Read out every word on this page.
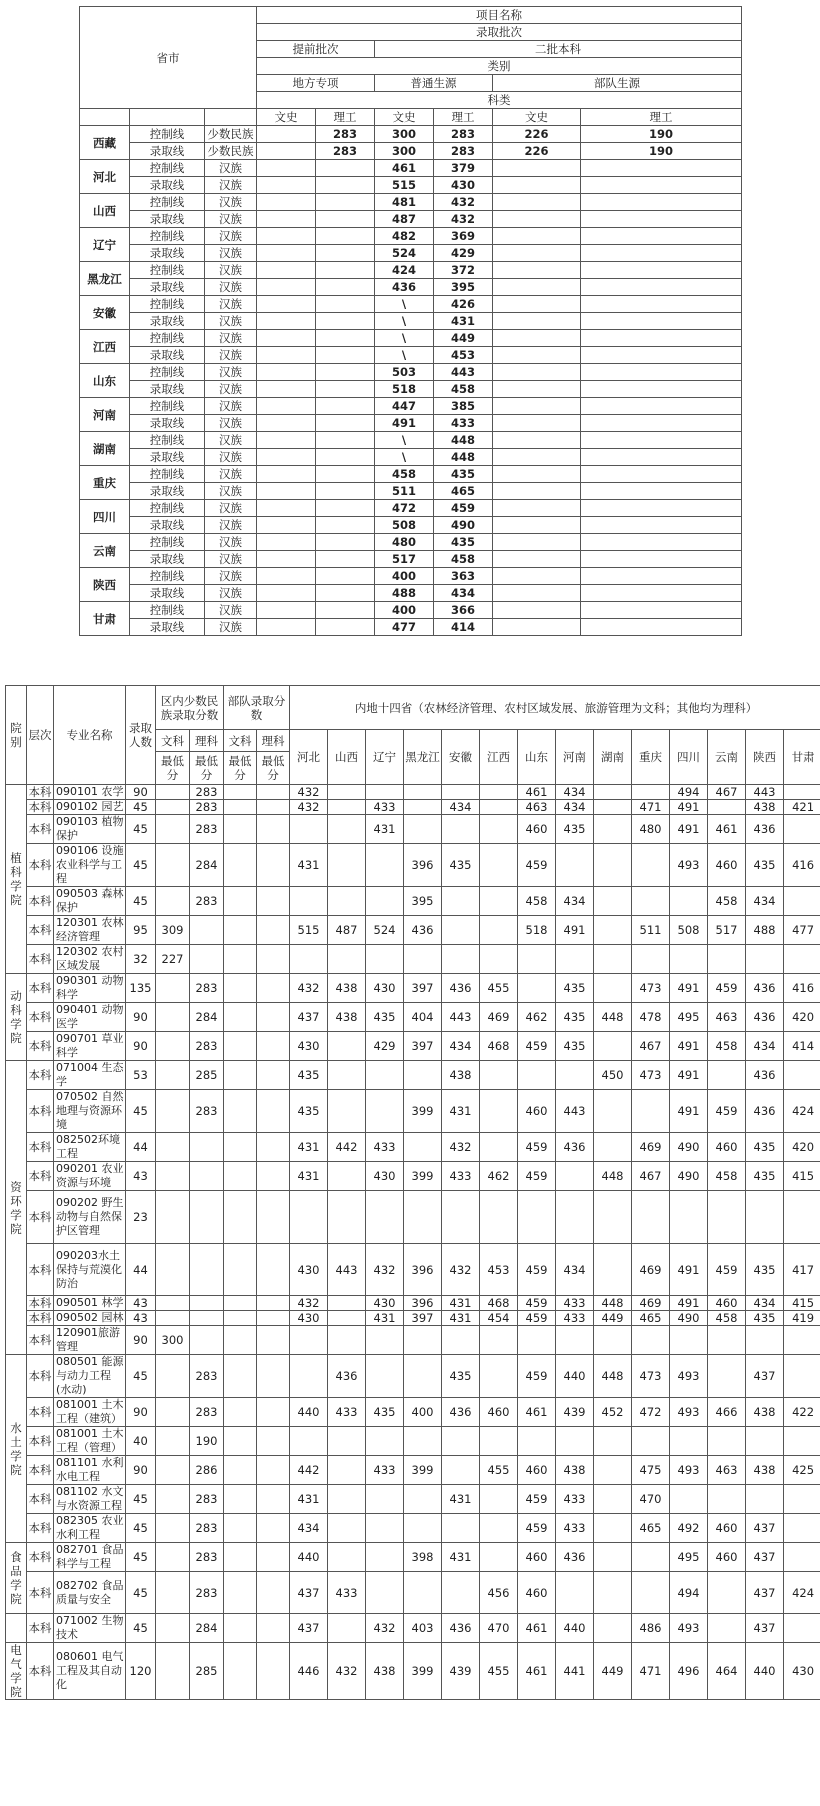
省市			项目名称					
			录取批次					
			提前批次		二批本科			
			类别					
			地方专项		普通生源		部队生源	
			科类					
			文史	理工	文史	理工	文史	理工
西藏	控制线	少数民族		283	300	283	226	190
	录取线	少数民族		283	300	283	226	190
河北	控制线	汉族			461	379		
	录取线	汉族			515	430		
山西	控制线	汉族			481	432		
	录取线	汉族			487	432		
辽宁	控制线	汉族			482	369		
	录取线	汉族			524	429		
黑龙江	控制线	汉族			424	372		
	录取线	汉族			436	395		
安徽	控制线	汉族			\	426		
	录取线	汉族			\	431		
江西	控制线	汉族			\	449		
	录取线	汉族			\	453		
山东	控制线	汉族			503	443		
	录取线	汉族			518	458		
河南	控制线	汉族			447	385		
	录取线	汉族			491	433		
湖南	控制线	汉族			\	448		
	录取线	汉族			\	448		
重庆	控制线	汉族			458	435		
	录取线	汉族			511	465		
四川	控制线	汉族			472	459		
	录取线	汉族			508	490		
云南	控制线	汉族			480	435		
	录取线	汉族			517	458		
陕西	控制线	汉族			400	363		
	录取线	汉族			488	434		
甘肃	控制线	汉族			400	366		
	录取线	汉族			477	414		
院别	层次	专业名称	录取人数	区内少数民族录取分数		部队录取分数		内地十四省（农林经济管理、农村区域发展、旅游管理为文科；其他均为理科）													
				文科	理科	文科	理科	河北	山西	辽宁	黑龙江	安徽	江西	山东	河南	湖南	重庆	四川	云南	陕西	甘肃
				最低分	最低分	最低分	最低分														
植科学院	本科	090101 农学	90		283			432						461	434			494	467	443	
	本科	090102 园艺	45		283			432		433		434		463	434		471	491		438	421
	本科	090103 植物保护	45		283					431				460	435		480	491	461	436	
	本科	090106 设施农业科学与工程	45		284			431			396	435		459				493	460	435	416
	本科	090503 森林保护	45		283						395			458	434				458	434	
	本科	120301 农林经济管理	95	309				515	487	524	436			518	491		511	508	517	488	477
	本科	120302 农村区域发展	32	227																	
动科学院	本科	090301 动物科学	135		283			432	438	430	397	436	455		435		473	491	459	436	416
	本科	090401 动物医学	90		284			437	438	435	404	443	469	462	435	448	478	495	463	436	420
	本科	090701 草业科学	90		283			430		429	397	434	468	459	435		467	491	458	434	414
资环学院	本科	071004 生态学	53		285			435				438				450	473	491		436	
	本科	070502 自然地理与资源环境	45		283			435			399	431		460	443			491	459	436	424
	本科	082502环境工程	44					431	442	433		432		459	436		469	490	460	435	420
	本科	090201 农业资源与环境	43					431		430	399	433	462	459		448	467	490	458	435	415
	本科	090202 野生动物与自然保护区管理	23																		
	本科	090203水土保持与荒漠化防治	44					430	443	432	396	432	453	459	434		469	491	459	435	417
	本科	090501 林学	43					432		430	396	431	468	459	433	448	469	491	460	434	415
	本科	090502 园林	43					430		431	397	431	454	459	433	449	465	490	458	435	419
	本科	120901旅游管理	90	300																	
水土学院	本科	080501 能源与动力工程(水动)	45		283				436			435		459	440	448	473	493		437	
	本科	081001 土木工程（建筑）	90		283			440	433	435	400	436	460	461	439	452	472	493	466	438	422
	本科	081001 土木工程（管理）	40		190																
	本科	081101 水利水电工程	90		286			442		433	399		455	460	438		475	493	463	438	425
	本科	081102 水文与水资源工程	45		283			431				431		459	433		470				
	本科	082305 农业水利工程	45		283			434						459	433		465	492	460	437	
食品学院	本科	082701 食品科学与工程	45		283			440			398	431		460	436			495	460	437	
	本科	082702 食品质量与安全	45		283			437	433				456	460				494		437	424
	本科	071002 生物技术	45		284			437		432	403	436	470	461	440		486	493		437	
电气学院	本科	080601 电气工程及其自动化	120		285			446	432	438	399	439	455	461	441	449	471	496	464	440	430
